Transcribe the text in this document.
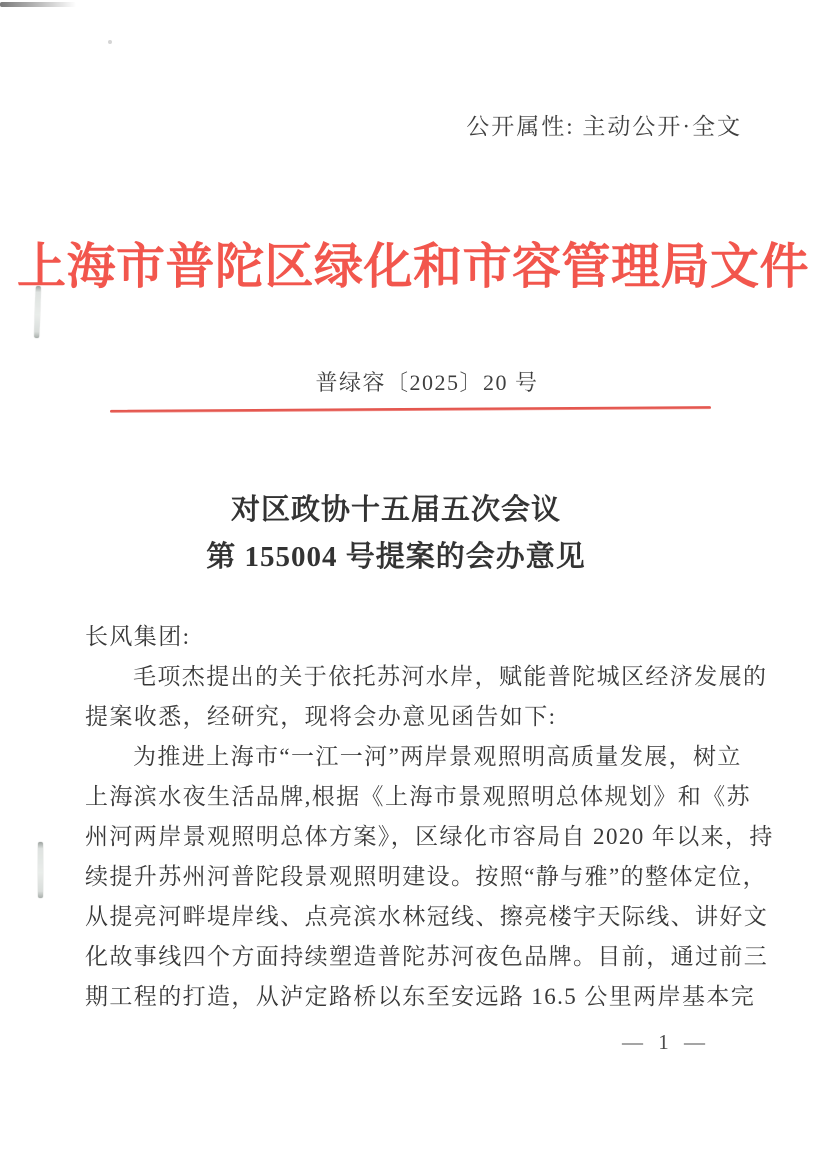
公开属性: 主动公开·全文
上海市普陀区绿化和市容管理局文件
普绿容〔2025〕20 号
对区政协十五届五次会议
第 155004 号提案的会办意见
长风集团:
毛项杰提出的关于依托苏河水岸，赋能普陀城区经济发展的
提案收悉，经研究，现将会办意见函告如下:
为推进上海市“一江一河”两岸景观照明高质量发展，树立
上海滨水夜生活品牌,根据《上海市景观照明总体规划》和《苏
州河两岸景观照明总体方案》，区绿化市容局自 2020 年以来，持
续提升苏州河普陀段景观照明建设。按照“静与雅”的整体定位，
从提亮河畔堤岸线、点亮滨水林冠线、擦亮楼宇天际线、讲好文
化故事线四个方面持续塑造普陀苏河夜色品牌。目前，通过前三
期工程的打造，从泸定路桥以东至安远路 16.5 公里两岸基本完
— 1 —
